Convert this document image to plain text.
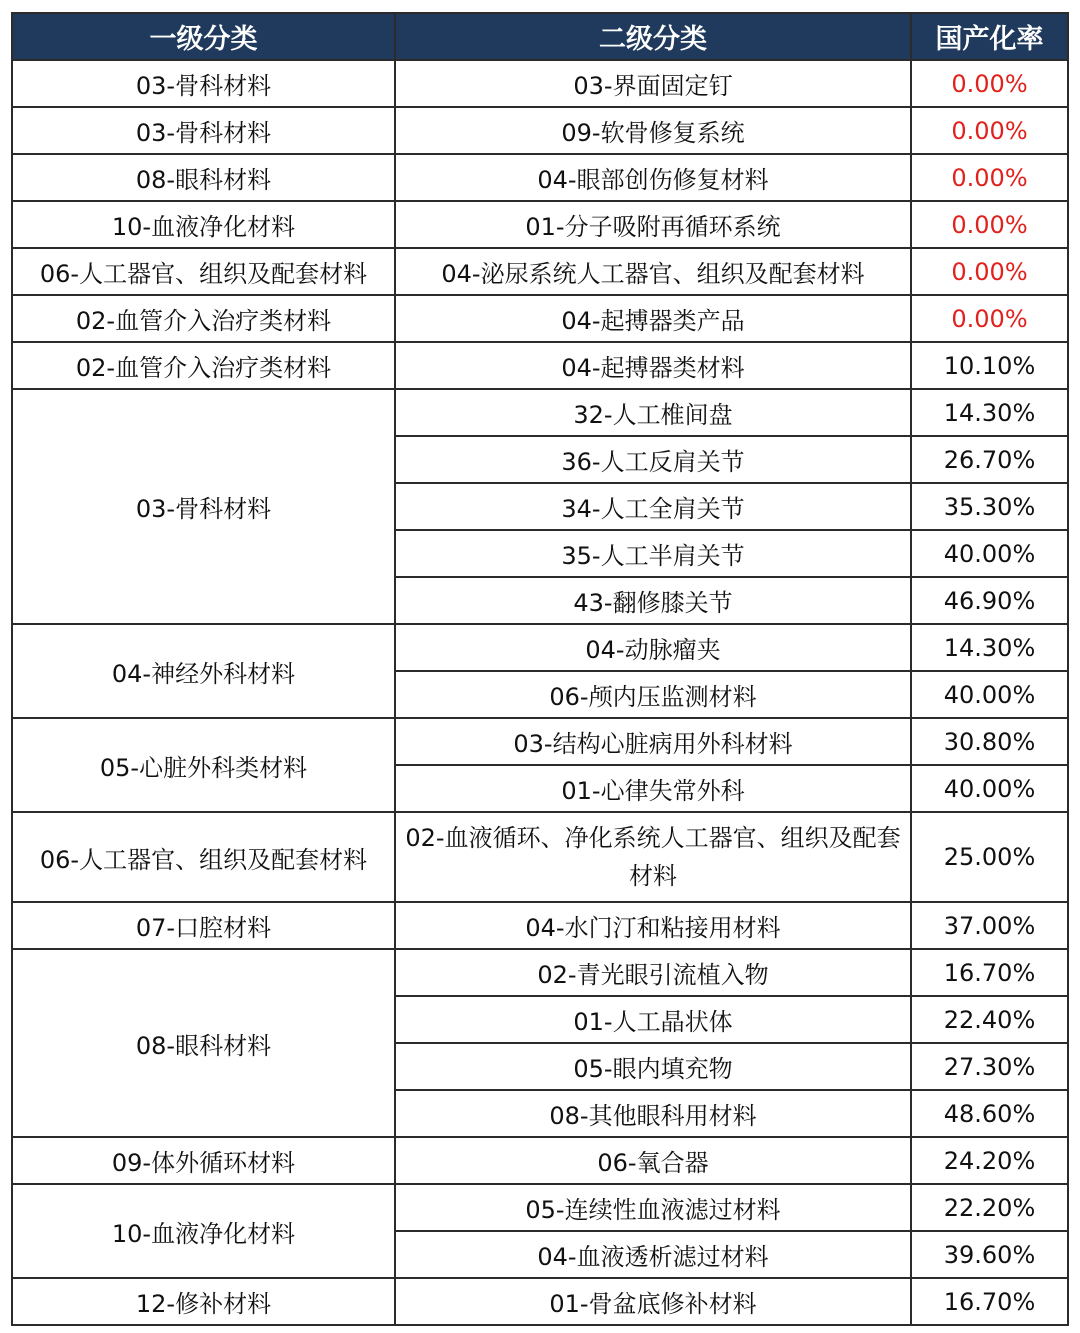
一级分类	二级分类	国产化率
03-骨科材料	03-界面固定钉	0.00%
03-骨科材料	09-软骨修复系统	0.00%
08-眼科材料	04-眼部创伤修复材料	0.00%
10-血液净化材料	01-分子吸附再循环系统	0.00%
06-人工器官、组织及配套材料	04-泌尿系统人工器官、组织及配套材料	0.00%
02-血管介入治疗类材料	04-起搏器类产品	0.00%
02-血管介入治疗类材料	04-起搏器类材料	10.10%
03-骨科材料	32-人工椎间盘	14.30%
	36-人工反肩关节	26.70%
	34-人工全肩关节	35.30%
	35-人工半肩关节	40.00%
	43-翻修膝关节	46.90%
04-神经外科材料	04-动脉瘤夹	14.30%
	06-颅内压监测材料	40.00%
05-心脏外科类材料	03-结构心脏病用外科材料	30.80%
	01-心律失常外科	40.00%
06-人工器官、组织及配套材料	02-血液循环、净化系统人工器官、组织及配套材料	25.00%
07-口腔材料	04-水门汀和粘接用材料	37.00%
08-眼科材料	02-青光眼引流植入物	16.70%
	01-人工晶状体	22.40%
	05-眼内填充物	27.30%
	08-其他眼科用材料	48.60%
09-体外循环材料	06-氧合器	24.20%
10-血液净化材料	05-连续性血液滤过材料	22.20%
	04-血液透析滤过材料	39.60%
12-修补材料	01-骨盆底修补材料	16.70%
